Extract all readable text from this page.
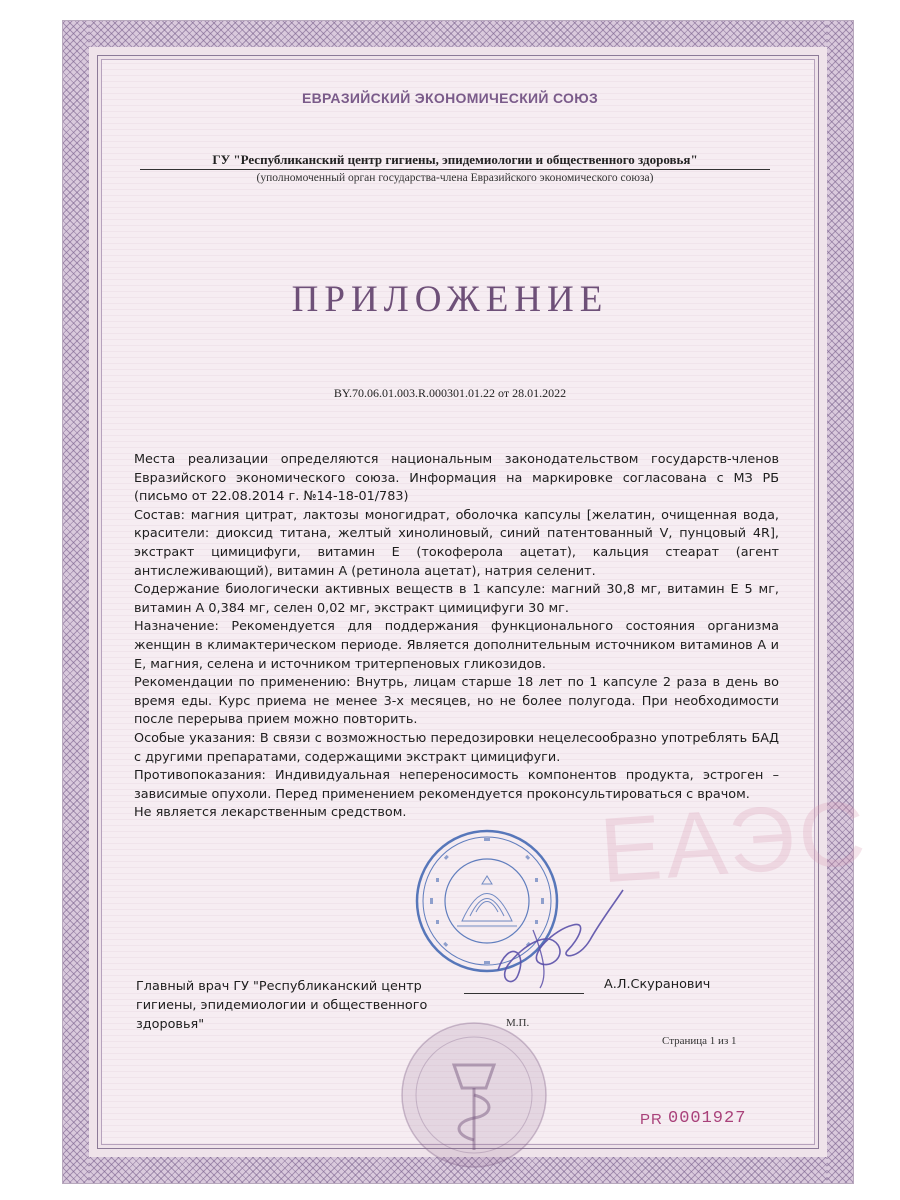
ЕАЭС
ЕВРАЗИЙСКИЙ ЭКОНОМИЧЕСКИЙ СОЮЗ
ГУ "Республиканский центр гигиены, эпидемиологии и общественного здоровья"
(уполномоченный орган государства-члена Евразийского экономического союза)
ПРИЛОЖЕНИЕ
BY.70.06.01.003.R.000301.01.22 от 28.01.2022

Места реализации определяются национальным законодательством государств-членов Евразийского экономического союза. Информация на маркировке согласована с МЗ РБ (письмо от 22.08.2014 г. №14-18-01/783)

Состав: магния цитрат, лактозы моногидрат, оболочка капсулы [желатин, очищенная вода, красители: диоксид титана, желтый хинолиновый, синий патентованный V, пунцовый 4R], экстракт цимицифуги, витамин Е (токоферола ацетат), кальция стеарат (агент антислеживающий), витамин А (ретинола ацетат), натрия селенит.

Содержание биологически активных веществ в 1 капсуле: магний 30,8 мг, витамин Е 5 мг, витамин А 0,384 мг, селен 0,02 мг, экстракт цимицифуги 30 мг.

Назначение: Рекомендуется для поддержания функционального состояния организма женщин в климактерическом периоде. Является дополнительным источником витаминов А и Е, магния, селена и источником тритерпеновых гликозидов.

Рекомендации по применению: Внутрь, лицам старше 18 лет по 1 капсуле 2 раза в день во время еды. Курс приема не менее 3-х месяцев, но не более полугода. При необходимости после перерыва прием можно повторить.

Особые указания: В связи с возможностью передозировки нецелесообразно употреблять БАД с другими препаратами, содержащими экстракт цимицифуги.

Противопоказания: Индивидуальная непереносимость компонентов продукта, эстроген – зависимые опухоли. Перед применением рекомендуется проконсультироваться с врачом.

Не является лекарственным средством.

Главный врач ГУ "Республиканский центр
гигиены, эпидемиологии и общественного
здоровья"
А.Л.Скуранович
М.П.
Страница 1 из 1
PR 0001927
